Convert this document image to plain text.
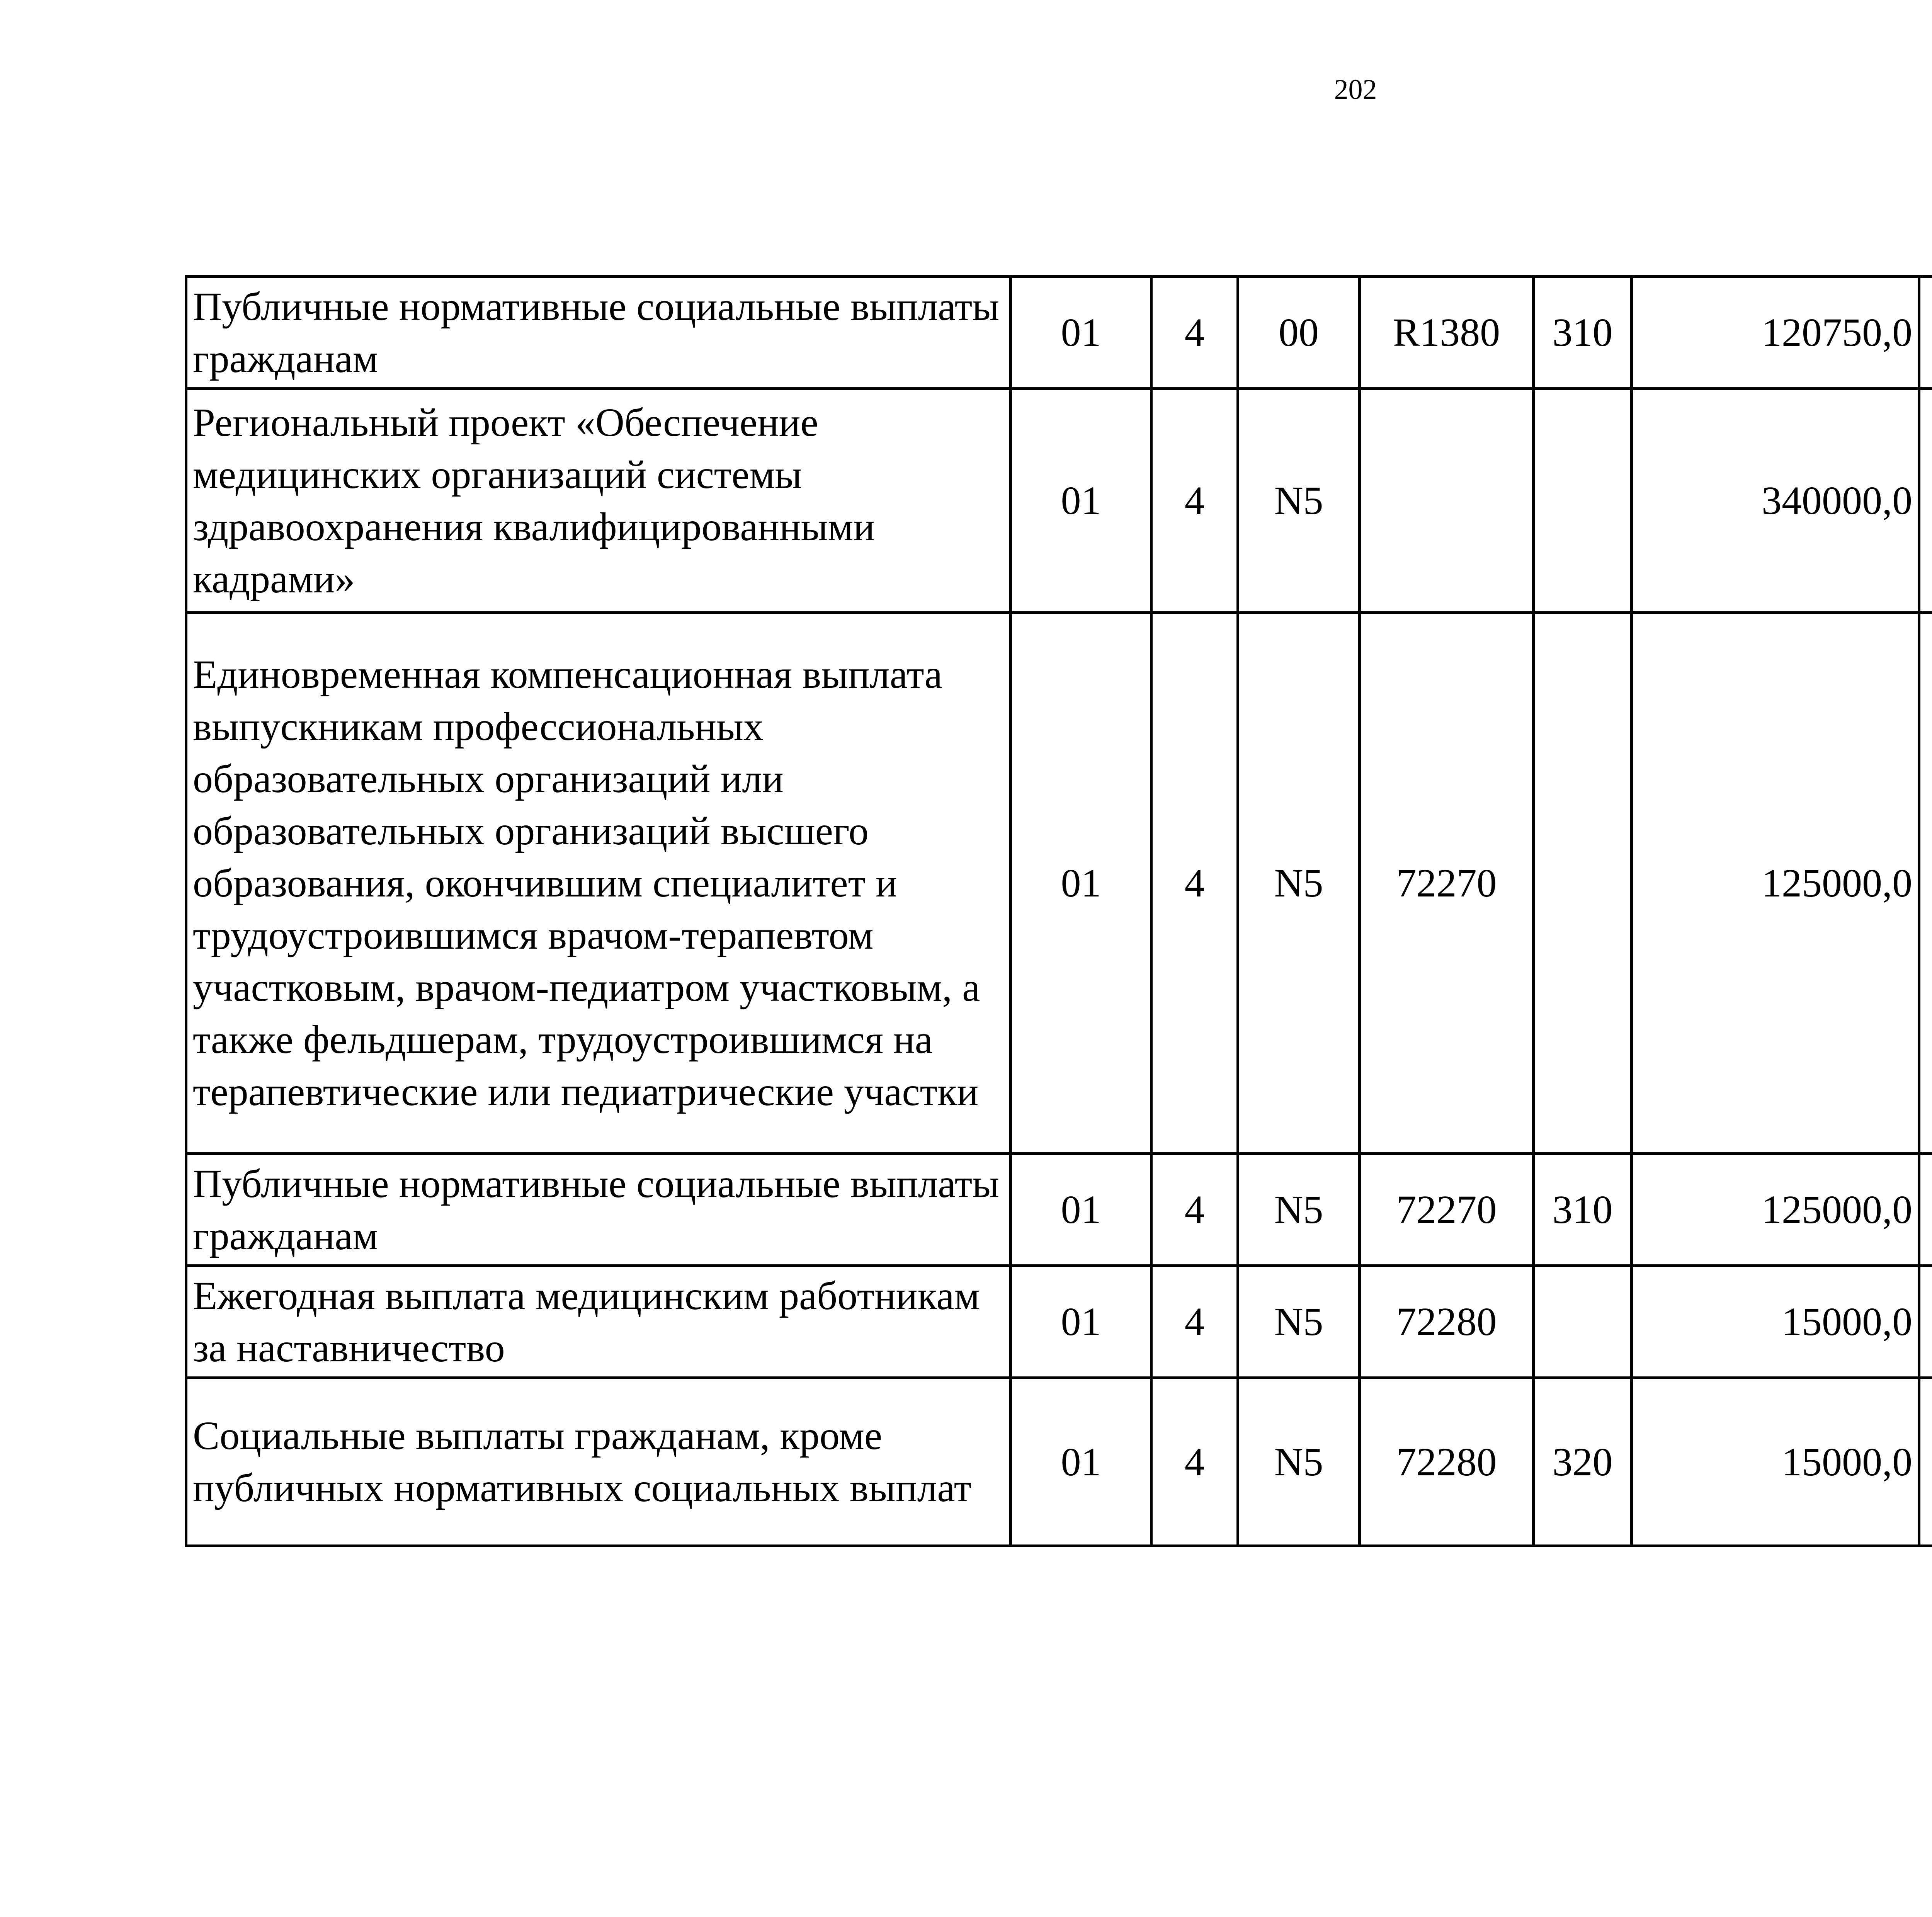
202
Публичные нормативные социальные выплаты гражданам	01	4	00	R1380	310	120750,0		
Региональный проект «Обеспечение медицинских организаций системы здравоохранения квалифицированными кадрами»	01	4	N5			340000,0		
Единовременная компенсационная выплата выпускникам профессиональных образовательных организаций или образовательных организаций высшего образования, окончившим специалитет и трудоустроившимся врачом-терапевтом участковым, врачом-педиатром участковым, а также фельдшерам, трудоустроившимся на терапевтические или педиатрические участки	01	4	N5	72270		125000,0		
Публичные нормативные социальные выплаты гражданам	01	4	N5	72270	310	125000,0		
Ежегодная выплата медицинским работникам за наставничество	01	4	N5	72280		15000,0		
Социальные выплаты гражданам, кроме публичных нормативных социальных выплат	01	4	N5	72280	320	15000,0		
